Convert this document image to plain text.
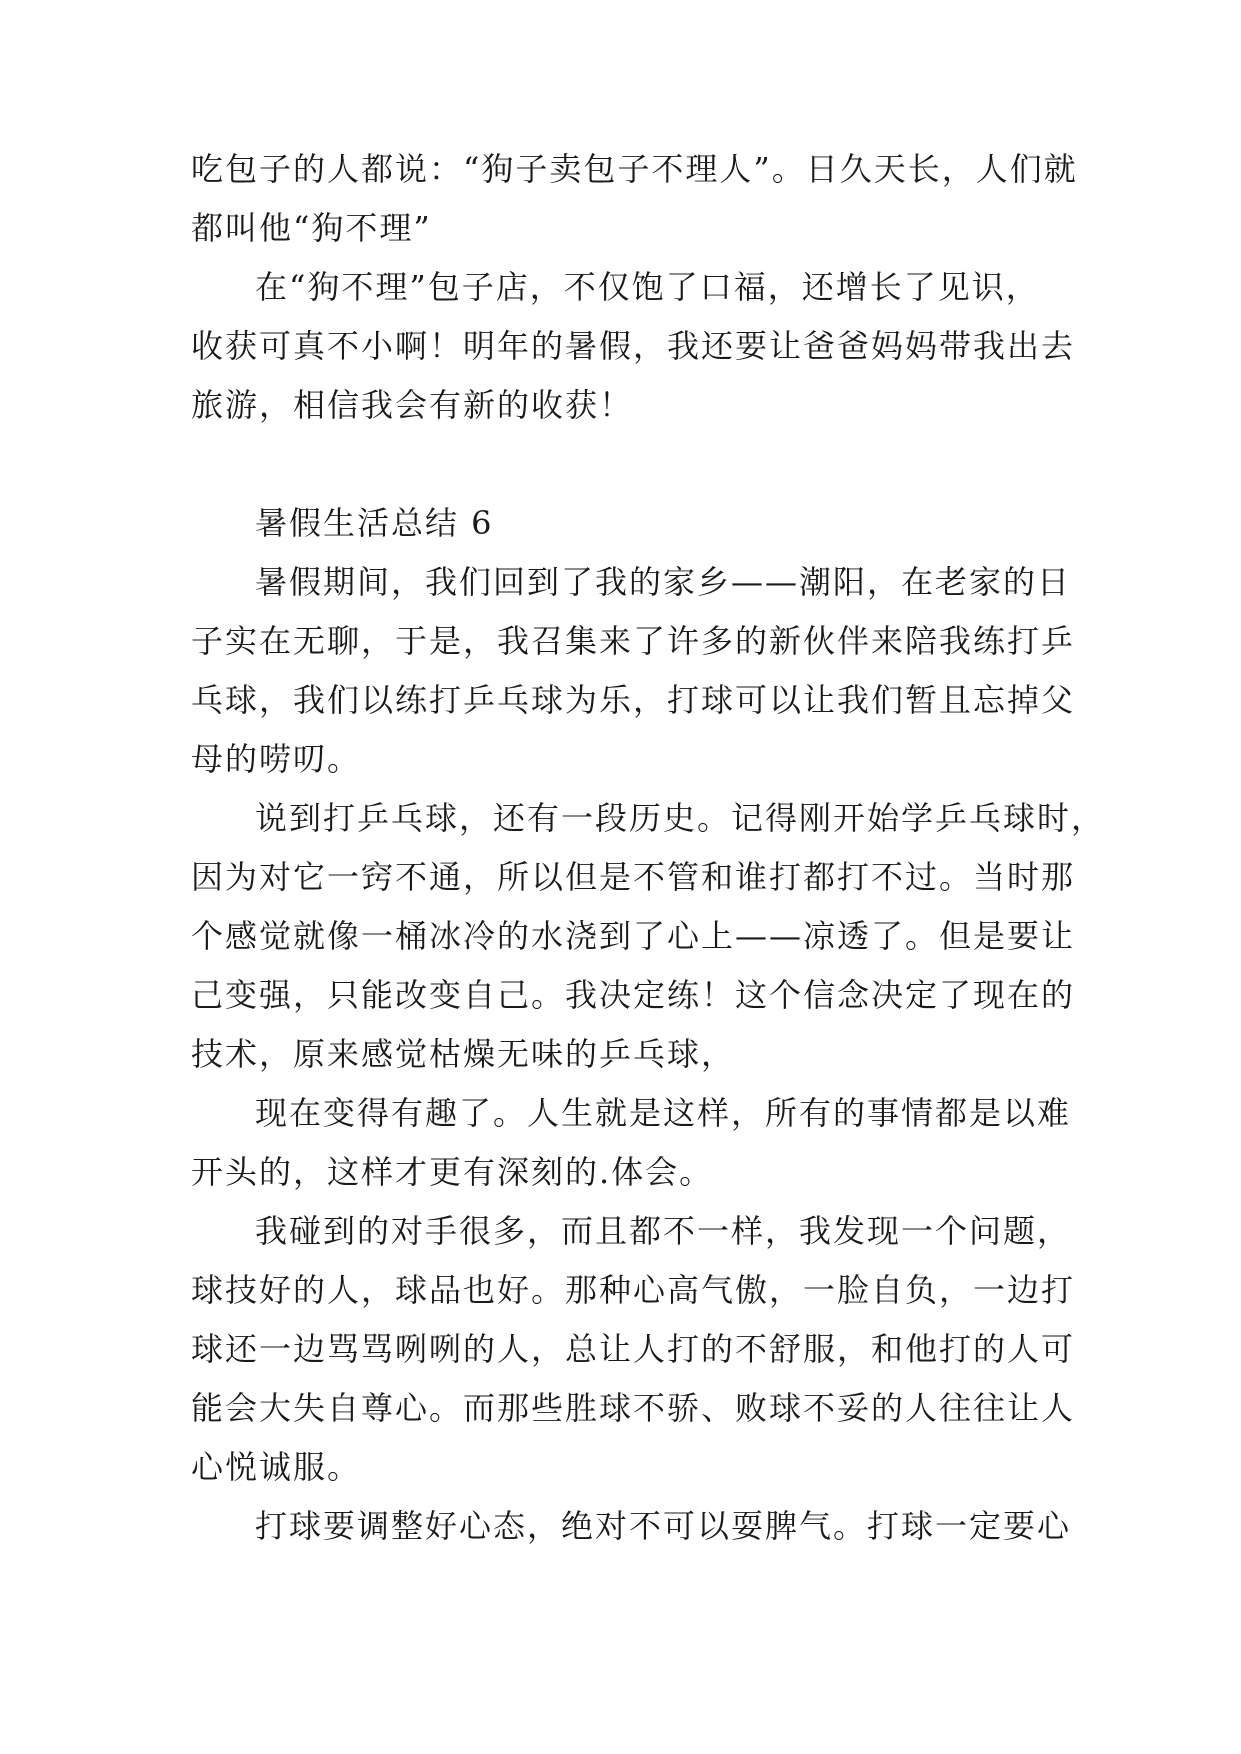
吃包子的人都说：“狗子卖包子不理人”。日久天长，人们就
都叫他“狗不理”
在“狗不理”包子店，不仅饱了口福，还增长了见识，
收获可真不小啊！明年的暑假，我还要让爸爸妈妈带我出去
旅游，相信我会有新的收获！
暑假生活总结 6
暑假期间，我们回到了我的家乡——潮阳，在老家的日
子实在无聊，于是，我召集来了许多的新伙伴来陪我练打乒
乓球，我们以练打乒乓球为乐，打球可以让我们暂且忘掉父
母的唠叨。
说到打乒乓球，还有一段历史。记得刚开始学乒乓球时，
因为对它一窍不通，所以但是不管和谁打都打不过。当时那
个感觉就像一桶冰冷的水浇到了心上——凉透了。但是要让
己变强，只能改变自己。我决定练！这个信念决定了现在的
技术，原来感觉枯燥无味的乒乓球，
现在变得有趣了。人生就是这样，所有的事情都是以难
开头的，这样才更有深刻的.体会。
我碰到的对手很多，而且都不一样，我发现一个问题，
球技好的人，球品也好。那种心高气傲，一脸自负，一边打
球还一边骂骂咧咧的人，总让人打的不舒服，和他打的人可
能会大失自尊心。而那些胜球不骄、败球不妥的人往往让人
心悦诚服。
打球要调整好心态，绝对不可以耍脾气。打球一定要心
